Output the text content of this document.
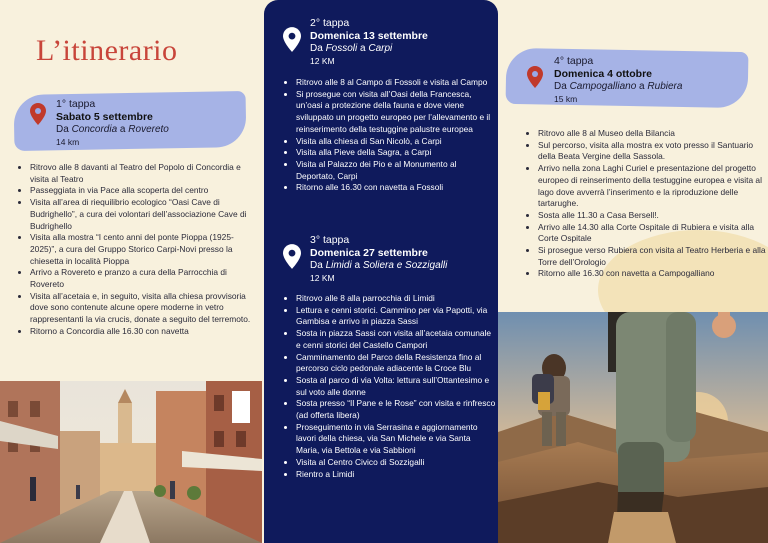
L’itinerario
1° tappa
Sabato 5 settembre
Da Concordia a Rovereto
14 km
• Ritrovo alle 8 davanti al Teatro del Popolo di Concordia e visita al Teatro
• Passeggiata in via Pace alla scoperta del centro
• Visita all’area di riequilibrio ecologico “Oasi Cave di Budrighello”, a cura dei volontari dell’associazione Cave di Budrighello
• Visita alla mostra “I cento anni del ponte Pioppa (1925-2025)”, a cura del Gruppo Storico Carpi-Novi presso la chiesetta in località Pioppa
• Arrivo a Rovereto e pranzo a cura della Parrocchia di Rovereto
• Visita all’acetaia e, in seguito, visita alla chiesa provvisoria dove sono contenute alcune opere moderne in vetro rappresentanti la via crucis, donate a seguito del terremoto.
• Ritorno a Concordia alle 16.30 con navetta
2° tappa
Domenica 13 settembre
Da Fossoli a Carpi
12 KM
• Ritrovo alle 8 al Campo di Fossoli e visita al Campo
• Si prosegue con visita all’Oasi della Francesca, un’oasi a protezione della fauna e dove viene sviluppato un progetto europeo per l’allevamento e il reinserimento della testuggine palustre europea
• Visita alla chiesa di San Nicolò, a Carpi
• Visita alla Pieve della Sagra, a Carpi
• Visita al Palazzo dei Pio e al Monumento al Deportato, Carpi
• Ritorno alle 16.30 con navetta a Fossoli
3° tappa
Domenica 27 settembre
Da Limidi a Soliera e Sozzigalli
12 KM
• Ritrovo alle 8 alla parrocchia di Limidi
• Lettura e cenni storici. Cammino per via Papotti, via Gambisa e arrivo in piazza Sassi
• Sosta in piazza Sassi con visita all’acetaia comunale e cenni storici del Castello Campori
• Camminamento del Parco della Resistenza fino al percorso ciclo pedonale adiacente la Croce Blu
• Sosta al parco di via Volta: lettura sull’Ottantesimo e sul voto alle donne
• Sosta presso “Il Pane e le Rose” con visita e rinfresco (ad offerta libera)
• Proseguimento in via Serrasina e aggiornamento lavori della chiesa, via San Michele e via Santa Maria, via Bettola e via Sabbioni
• Visita al Centro Civico di Sozzigalli
• Rientro a Limidi
4° tappa
Domenica 4 ottobre
Da Campogalliano a Rubiera
15 km
• Ritrovo alle 8 al Museo della Bilancia
• Sul percorso, visita alla mostra ex voto presso il Santuario della Beata Vergine della Sassola.
• Arrivo nella zona Laghi Curiel e presentazione del progetto europeo di reinserimento della testuggine europea e visita al lago dove avverrà l’inserimento e la riproduzione delle tartarughe.
• Sosta alle 11.30 a Casa Bersell!.
• Arrivo alle 14.30 alla Corte Ospitale di Rubiera e visita alla Corte Ospitale
• Si prosegue verso Rubiera con visita al Teatro Herberia e alla Torre dell’Orologio
• Ritorno alle 16.30 con navetta a Campogalliano
